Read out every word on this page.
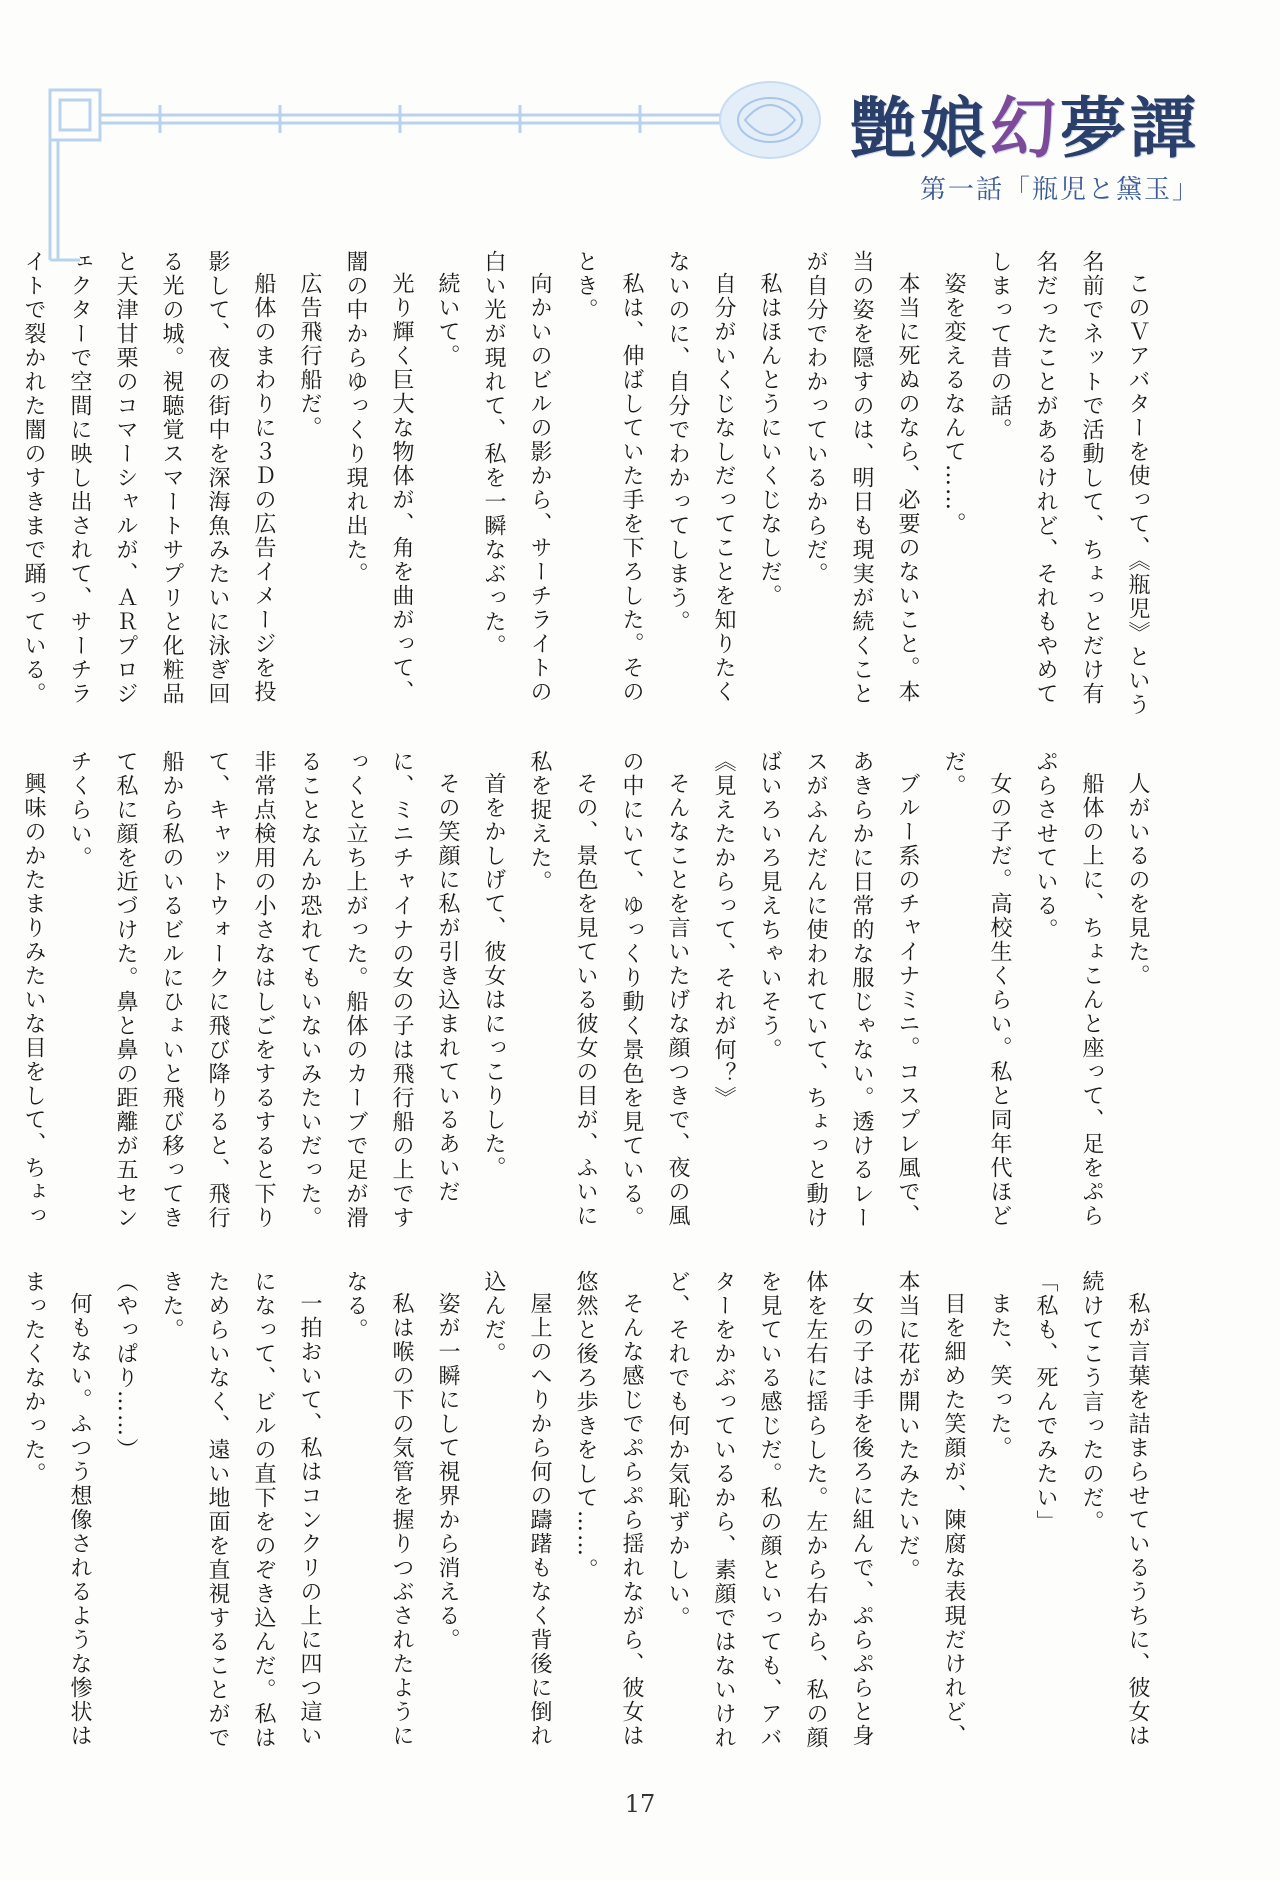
艶娘幻夢譚
第一話「瓶児と黛玉」

このＶアバターを使って、《瓶児》という名前でネットで活動して、ちょっとだけ有名だったことがあるけれど、それもやめてしまって昔の話。

姿を変えるなんて……。

本当に死ぬのなら、必要のないこと。本当の姿を隠すのは、明日も現実が続くことが自分でわかっているからだ。

私はほんとうにいくじなしだ。

自分がいくじなしだってことを知りたくないのに、自分でわかってしまう。

私は、伸ばしていた手を下ろした。そのとき。

向かいのビルの影から、サーチライトの白い光が現れて、私を一瞬なぶった。

続いて。

光り輝く巨大な物体が、角を曲がって、闇の中からゆっくり現れ出た。

広告飛行船だ。

船体のまわりに３Ｄの広告イメージを投影して、夜の街中を深海魚みたいに泳ぎ回る光の城。視聴覚スマートサプリと化粧品と天津甘栗のコマーシャルが、ＡＲプロジェクターで空間に映し出されて、サーチライトで裂かれた闇のすきまで踊っている。

人がいるのを見た。

船体の上に、ちょこんと座って、足をぷらぷらさせている。

女の子だ。高校生くらい。私と同年代ほどだ。

ブルー系のチャイナミニ。コスプレ風で、あきらかに日常的な服じゃない。透けるレースがふんだんに使われていて、ちょっと動けばいろいろ見えちゃいそう。

《見えたからって、それが何？》

そんなことを言いたげな顔つきで、夜の風の中にいて、ゆっくり動く景色を見ている。

その、景色を見ている彼女の目が、ふいに私を捉えた。

首をかしげて、彼女はにっこりした。

その笑顔に私が引き込まれているあいだに、ミニチャイナの女の子は飛行船の上ですっくと立ち上がった。船体のカーブで足が滑ることなんか恐れてもいないみたいだった。非常点検用の小さなはしごをするすると下りて、キャットウォークに飛び降りると、飛行船から私のいるビルにひょいと飛び移ってきて私に顔を近づけた。鼻と鼻の距離が五センチくらい。

興味のかたまりみたいな目をして、ちょっ

私が言葉を詰まらせているうちに、彼女は続けてこう言ったのだ。

「私も、死んでみたい」

また、笑った。

目を細めた笑顔が、陳腐な表現だけれど、本当に花が開いたみたいだ。

女の子は手を後ろに組んで、ぷらぷらと身体を左右に揺らした。左から右から、私の顔を見ている感じだ。私の顔といっても、アバターをかぶっているから、素顔ではないけれど、それでも何か気恥ずかしい。

そんな感じでぷらぷら揺れながら、彼女は悠然と後ろ歩きをして……。

屋上のへりから何の躊躇もなく背後に倒れ込んだ。

姿が一瞬にして視界から消える。

私は喉の下の気管を握りつぶされたようになる。

一拍おいて、私はコンクリの上に四つ這いになって、ビルの直下をのぞき込んだ。私はためらいなく、遠い地面を直視することができた。

（やっぱり……）

何もない。ふつう想像されるような惨状はまったくなかった。

17
